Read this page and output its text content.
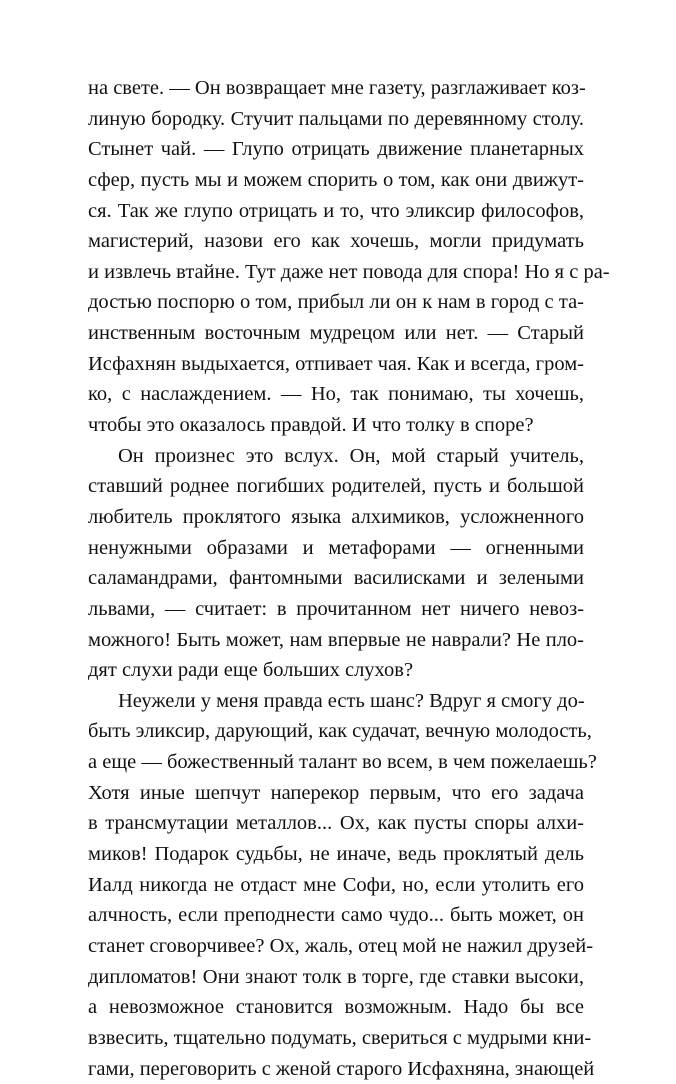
на свете. — Он возвращает мне газету, разглаживает коз-
линую бородку. Стучит пальцами по деревянному столу.
Стынет чай. — Глупо отрицать движение планетарных
сфер, пусть мы и можем спорить о том, как они движут-
ся. Так же глупо отрицать и то, что эликсир философов,
магистерий, назови его как хочешь, могли придумать
и извлечь втайне. Тут даже нет повода для спора! Но я с ра-
достью поспорю о том, прибыл ли он к нам в город с та-
инственным восточным мудрецом или нет. — Старый
Исфахнян выдыхается, отпивает чая. Как и всегда, гром-
ко, с наслаждением. — Но, так понимаю, ты хочешь,
чтобы это оказалось правдой. И что толку в споре?
Он произнес это вслух. Он, мой старый учитель,
ставший роднее погибших родителей, пусть и большой
любитель проклятого языка алхимиков, усложненного
ненужными образами и метафорами — огненными
саламандрами, фантомными василисками и зелеными
львами, — считает: в прочитанном нет ничего невоз-
можного! Быть может, нам впервые не наврали? Не пло-
дят слухи ради еще больших слухов?
Неужели у меня правда есть шанс? Вдруг я смогу до-
быть эликсир, дарующий, как судачат, вечную молодость,
а еще — божественный талант во всем, в чем пожелаешь?
Хотя иные шепчут наперекор первым, что его задача
в трансмутации металлов... Ох, как пусты споры алхи-
миков! Подарок судьбы, не иначе, ведь проклятый дель
Иалд никогда не отдаст мне Софи, но, если утолить его
алчность, если преподнести само чудо... быть может, он
станет сговорчивее? Ох, жаль, отец мой не нажил друзей-
дипломатов! Они знают толк в торге, где ставки высоки,
а невозможное становится возможным. Надо бы все
взвесить, тщательно подумать, свериться с мудрыми кни-
гами, переговорить с женой старого Исфахняна, знающей
